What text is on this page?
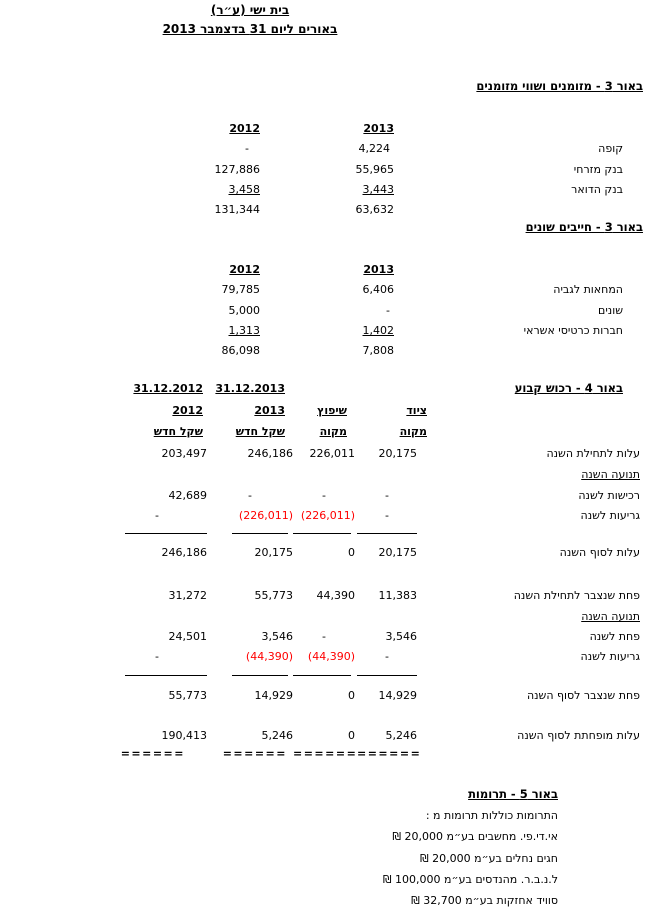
בית ישי (ע״ר)
באורים ליום 31 בדצמבר 2013
באור 3 - מזומנים ושווי מזומנים
2013
2012
קופה
4,224
-
בנק מזרחי
55,965
127,886
בנק הדואר
3,443
3,458
63,632
131,344
באור 3 - חייבים שונים
2013
2012
המחאות לגביה
6,406
79,785
שונים
-
5,000
חברות כרטיסי אשראי
1,402
1,313
7,808
86,098
באור 4 - רכוש קבוע
31.12.2013
31.12.2012
ציוד
שיפוץ
2013
2012
מקוה
מקוה
שקל חדש
שקל חדש
עלות לתחילת השנה
20,175
226,011
246,186
203,497
תנועה השנה
רכישות לשנה
-
-
-
42,689
גריעות לשנה
-
(226,011)
(226,011)
-
עלות לסוף השנה
20,175
0
20,175
246,186
פחת שנצבר לתחילת השנה
11,383
44,390
55,773
31,272
תנועה השנה
פחת לשנה
3,546
-
3,546
24,501
גריעות לשנה
-
(44,390)
(44,390)
-
פחת שנצבר לסוף השנה
14,929
0
14,929
55,773
עלות מופחתת לסוף השנה
5,246
0
5,246
190,413
======
======
======
======
באור 5 - תרומות
התרומות כוללות תרומות מ :
אי.די.פי. מחשבים בע״מ 20,000 ₪
חגים נחלים בע״מ 20,000 ₪
ל.נ.ב.ר. מהנדסים בע״מ 100,000 ₪
סוויד אחזקות בע״מ 32,700 ₪
